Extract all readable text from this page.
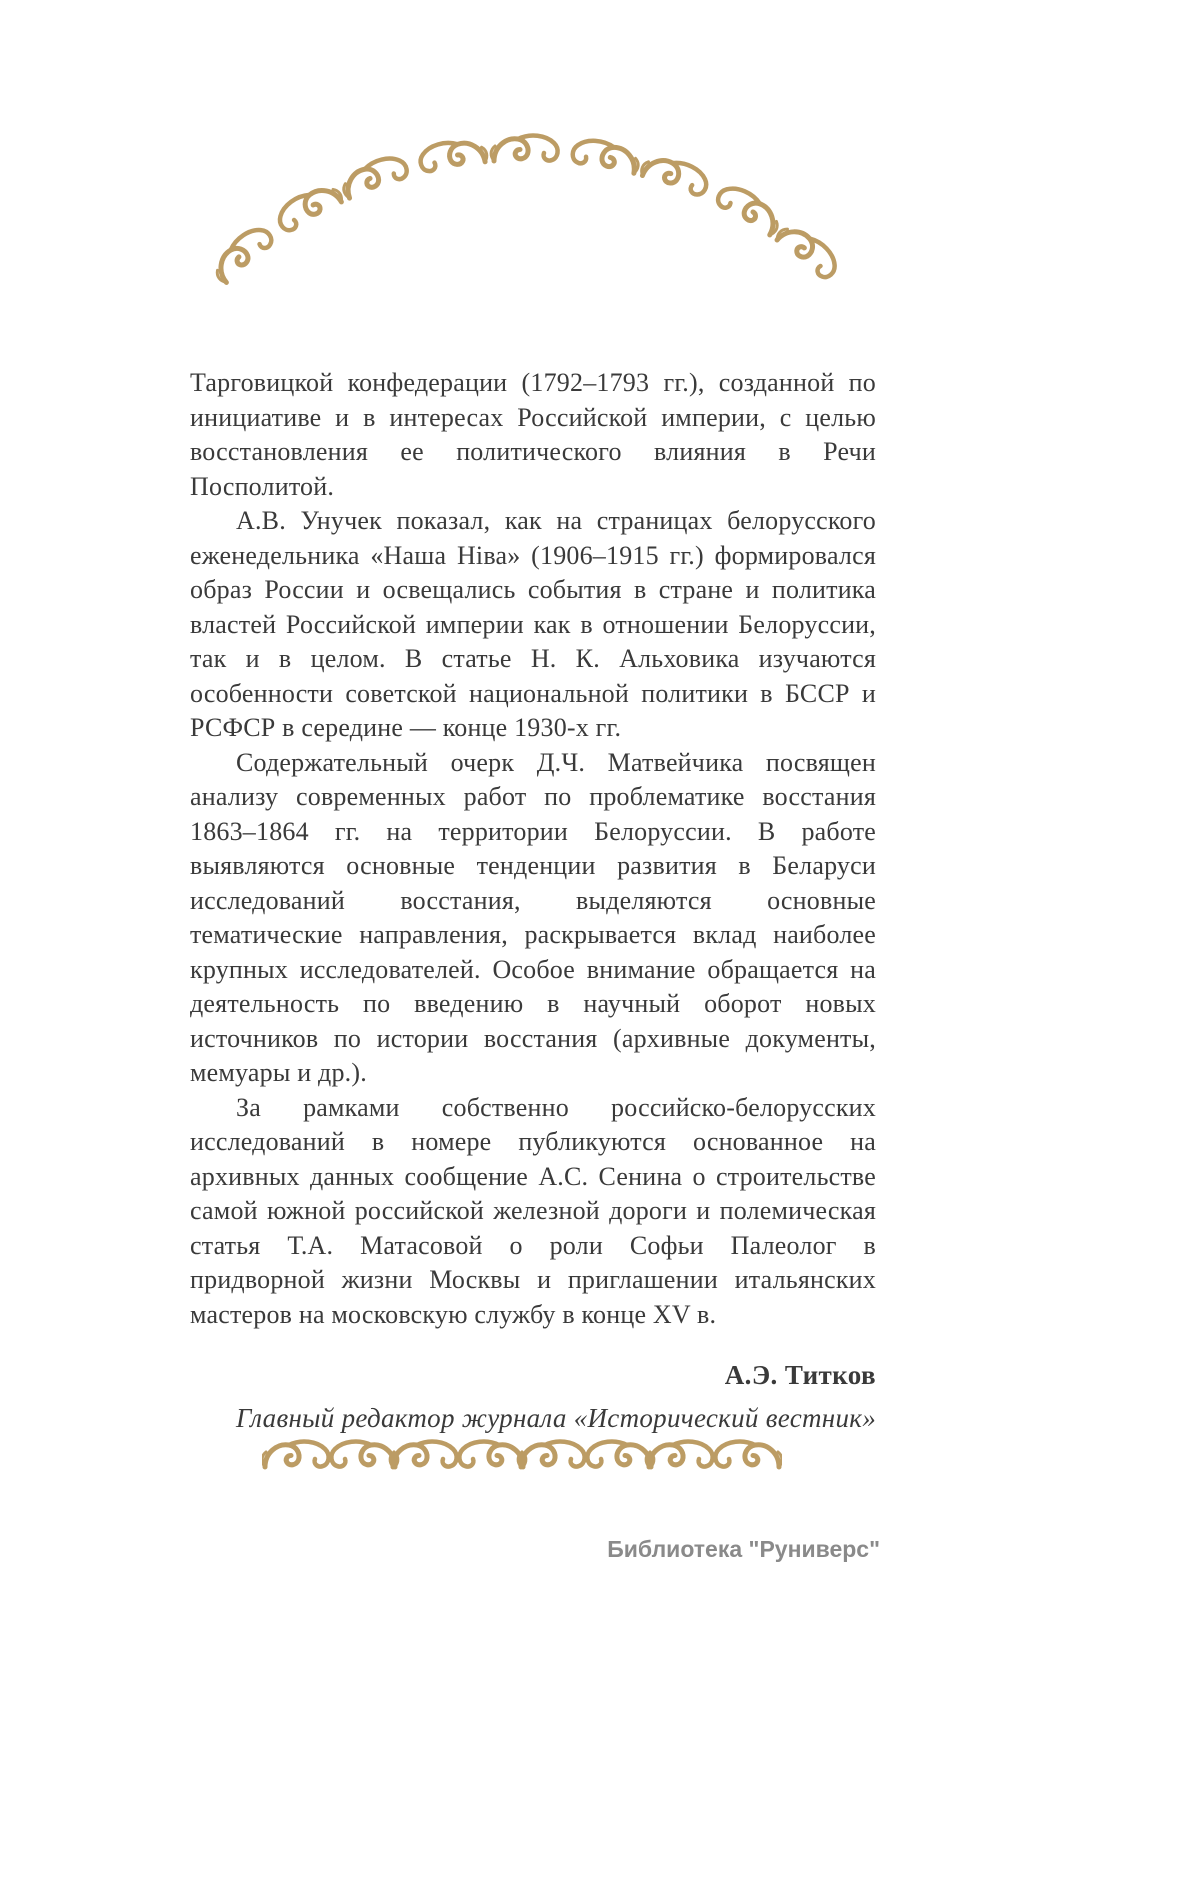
Тарговицкой конфедерации (1792–1793 гг.), созданной по инициативе и в интересах Российской империи, с целью восстановления ее политического влияния в Речи Посполитой.

А.В. Унучек показал, как на страницах белорусского еженедельника «Наша Ніва» (1906–1915 гг.) формировался образ России и освещались события в стране и политика властей Российской империи как в отношении Белоруссии, так и в целом. В статье Н. К. Альховика изучаются особенности советской национальной политики в БССР и РСФСР в середине — конце 1930-х гг.

Содержательный очерк Д.Ч. Матвейчика посвящен анализу современных работ по проблематике восстания 1863–1864 гг. на территории Белоруссии. В работе выявляются основные тенденции развития в Беларуси исследований восстания, выделяются основные тематические направления, раскрывается вклад наиболее крупных исследователей. Особое внимание обращается на деятельность по введению в научный оборот новых источников по истории восстания (архивные документы, мемуары и др.).

За рамками собственно российско-белорусских исследований в номере публикуются основанное на архивных данных сообщение А.С. Сенина о строительстве самой южной российской железной дороги и полемическая статья Т.А. Матасовой о роли Софьи Палеолог в придворной жизни Москвы и приглашении итальянских мастеров на московскую службу в конце XV в.

А.Э. Титков
Главный редактор журнала «Исторический вестник»
Библиотека "Руниверс"
